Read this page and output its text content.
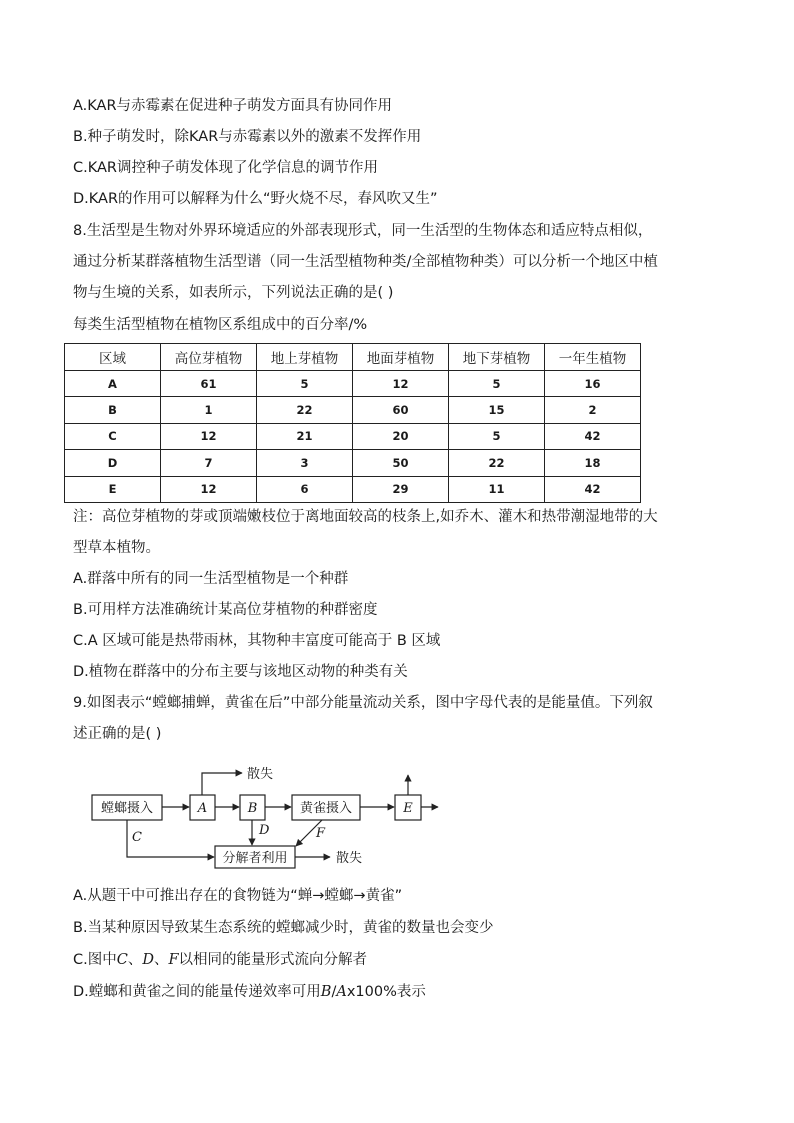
A.KAR与赤霉素在促进种子萌发方面具有协同作用
B.种子萌发时，除KAR与赤霉素以外的激素不发挥作用
C.KAR调控种子萌发体现了化学信息的调节作用
D.KAR的作用可以解释为什么“野火烧不尽，春风吹又生”
8.生活型是生物对外界环境适应的外部表现形式，同一生活型的生物体态和适应特点相似，
通过分析某群落植物生活型谱（同一生活型植物种类/全部植物种类）可以分析一个地区中植
物与生境的关系，如表所示，下列说法正确的是( )
每类生活型植物在植物区系组成中的百分率/%
区域	高位芽植物	地上芽植物	地面芽植物	地下芽植物	一年生植物
A	61	5	12	5	16
B	1	22	60	15	2
C	12	21	20	5	42
D	7	3	50	22	18
E	12	6	29	11	42
注：高位芽植物的芽或顶端嫩枝位于离地面较高的枝条上,如乔木、灌木和热带潮湿地带的大
型草本植物。
A.群落中所有的同一生活型植物是一个种群
B.可用样方法准确统计某高位芽植物的种群密度
C.A 区域可能是热带雨林，其物种丰富度可能高于 B 区域
D.植物在群落中的分布主要与该地区动物的种类有关
9.如图表示“螳螂捕蝉，黄雀在后”中部分能量流动关系，图中字母代表的是能量值。下列叙
述正确的是( )
螳螂摄入	A	B	黄雀摄入	E
分解者利用
散失
散失
C	D	F
A.从题干中可推出存在的食物链为“蝉→螳螂→黄雀”
B.当某种原因导致某生态系统的螳螂减少时，黄雀的数量也会变少
C.图中C、D、F以相同的能量形式流向分解者
D.螳螂和黄雀之间的能量传递效率可用B/Ax100%表示
